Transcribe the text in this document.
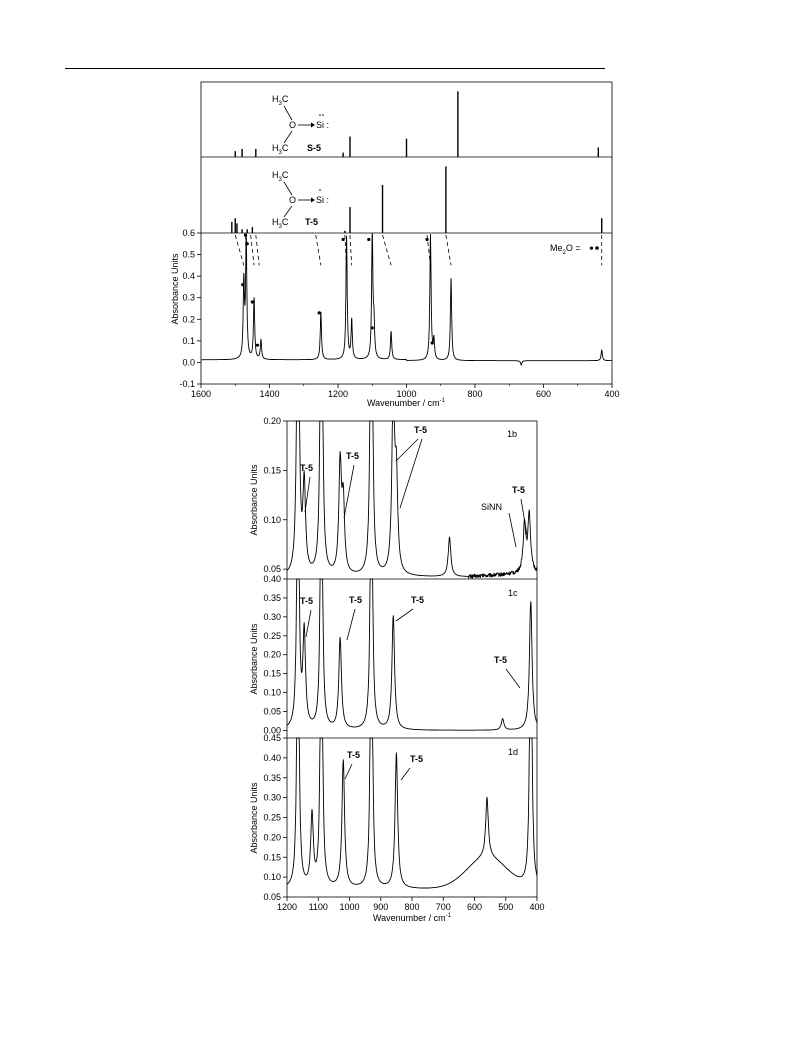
$H_3C$
O Si :
$H_3C$ S-5
$H_3C$
O Si :
$H_3C$ T-5
1600	1400	1200	1000	800	600	400
-0.1
0.0
0.1
0.2
0.3
0.4
0.5
0.6
$Me_2O$ =
Wavenumber / $cm^{-1}$
Absorbance Units
0.05
0.10
0.15
0.20
0.00
0.05
0.10
0.15
0.20
0.25
0.30
0.35
0.40
0.05
0.10
0.15
0.20
0.25
0.30
0.35
0.40
0.45
1200 1100 1000 900 800 700 600 500 400
1b
1c
1d
T-5
T-5
T-5
SiNN
T-5
T-5	T-5	T-5
T-5
T-5	T-5
Absorbance Units
Absorbance Units
Absorbance Units
Wavenumber / $cm^{-1}$
